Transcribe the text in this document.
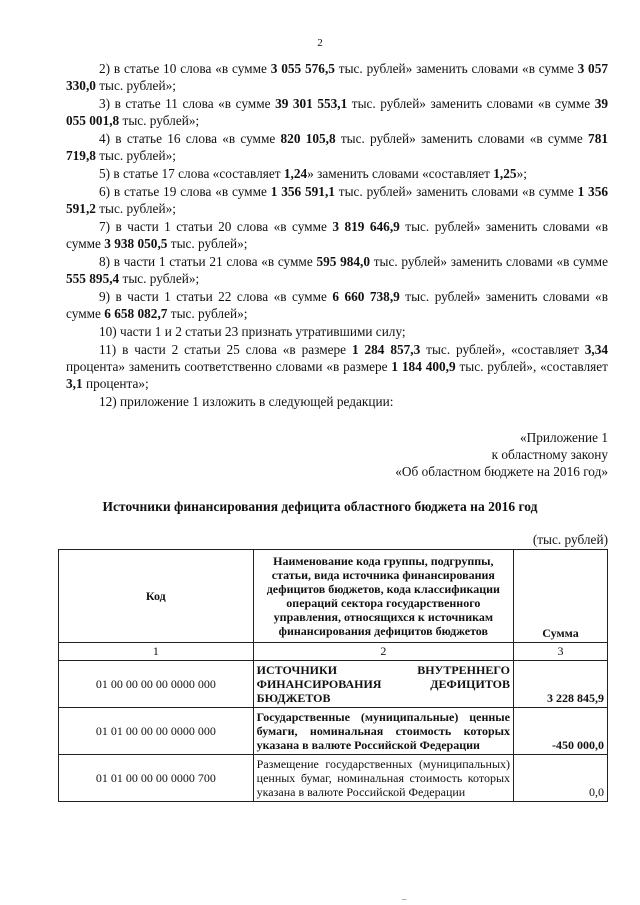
2

2) в статье 10 слова «в сумме 3 055 576,5 тыс. рублей» заменить словами «в сумме 3 057 330,0 тыс. рублей»;

3) в статье 11 слова «в сумме 39 301 553,1 тыс. рублей» заменить словами «в сумме 39 055 001,8 тыс. рублей»;

4) в статье 16 слова «в сумме 820 105,8 тыс. рублей» заменить словами «в сумме 781 719,8 тыс. рублей»;

5) в статье 17 слова «составляет 1,24» заменить словами «составляет 1,25»;

6) в статье 19 слова «в сумме 1 356 591,1 тыс. рублей» заменить словами «в сумме 1 356 591,2 тыс. рублей»;

7) в части 1 статьи 20 слова «в сумме 3 819 646,9 тыс. рублей» заменить словами «в сумме 3 938 050,5 тыс. рублей»;

8) в части 1 статьи 21 слова «в сумме 595 984,0 тыс. рублей» заменить словами «в сумме 555 895,4 тыс. рублей»;

9) в части 1 статьи 22 слова «в сумме 6 660 738,9 тыс. рублей» заменить словами «в сумме 6 658 082,7 тыс. рублей»;

10) части 1 и 2 статьи 23 признать утратившими силу;

11) в части 2 статьи 25 слова «в размере 1 284 857,3 тыс. рублей», «составляет 3,34 процента» заменить соответственно словами «в размере 1 184 400,9 тыс. рублей», «составляет 3,1 процента»;

12) приложение 1 изложить в следующей редакции:

«Приложение 1
к областному закону
«Об областном бюджете на 2016 год»
Источники финансирования дефицита областного бюджета на 2016 год
(тыс. рублей)
Код	Наименование кода группы, подгруппы, статьи, вида источника финансирования дефицитов бюджетов, кода классификации операций сектора государственного управления, относящихся к источникам финансирования дефицитов бюджетов	Сумма
1	2	3
01 00 00 00 00 0000 000	ИСТОЧНИКИ ВНУТРЕННЕГО ФИНАНСИРОВАНИЯ ДЕФИЦИТОВ БЮДЖЕТОВ	3 228 845,9
01 01 00 00 00 0000 000	Государственные (муниципальные) ценные бумаги, номинальная стоимость которых указана в валюте Российской Федерации	-450 000,0
01 01 00 00 00 0000 700	Размещение государственных (муниципальных) ценных бумаг, номинальная стоимость которых указана в валюте Российской Федерации	0,0
_
